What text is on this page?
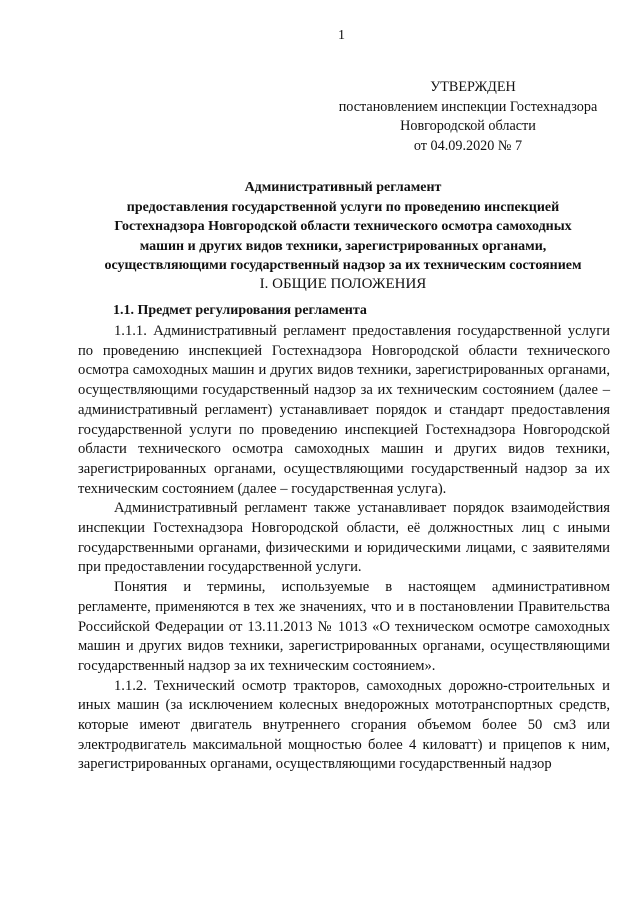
1
УТВЕРЖДЕН
постановлением инспекции Гостехнадзора
Новгородской области
от 04.09.2020 № 7
Административный регламент
предоставления государственной услуги по проведению инспекцией
Гостехнадзора Новгородской области технического осмотра самоходных
машин и других видов техники, зарегистрированных органами,
осуществляющими государственный надзор за их техническим состоянием
I. ОБЩИЕ ПОЛОЖЕНИЯ
1.1. Предмет регулирования регламента

1.1.1. Административный регламент предоставления государственной услуги по проведению инспекцией Гостехнадзора Новгородской области технического осмотра самоходных машин и других видов техники, зарегистрированных органами, осуществляющими государственный надзор за их техническим состоянием (далее – административный регламент) устанавливает порядок и стандарт предоставления государственной услуги по проведению инспекцией Гостехнадзора Новгородской области технического осмотра самоходных машин и других видов техники, зарегистрированных органами, осуществляющими государственный надзор за их техническим состоянием (далее – государственная услуга).

Административный регламент также устанавливает порядок взаимодействия инспекции Гостехнадзора Новгородской области, её должностных лиц с иными государственными органами, физическими и юридическими лицами, с заявителями при предоставлении государственной услуги.

Понятия и термины, используемые в настоящем административном регламенте, применяются в тех же значениях, что и в постановлении Правительства Российской Федерации от 13.11.2013 № 1013 «О техническом осмотре самоходных машин и других видов техники, зарегистрированных органами, осуществляющими государственный надзор за их техническим состоянием».

1.1.2. Технический осмотр тракторов, самоходных дорожно-строительных и иных машин (за исключением колесных внедорожных мототранспортных средств, которые имеют двигатель внутреннего сгорания объемом более 50 см3 или электродвигатель максимальной мощностью более 4 киловатт) и прицепов к ним, зарегистрированных органами, осуществляющими государственный надзор
